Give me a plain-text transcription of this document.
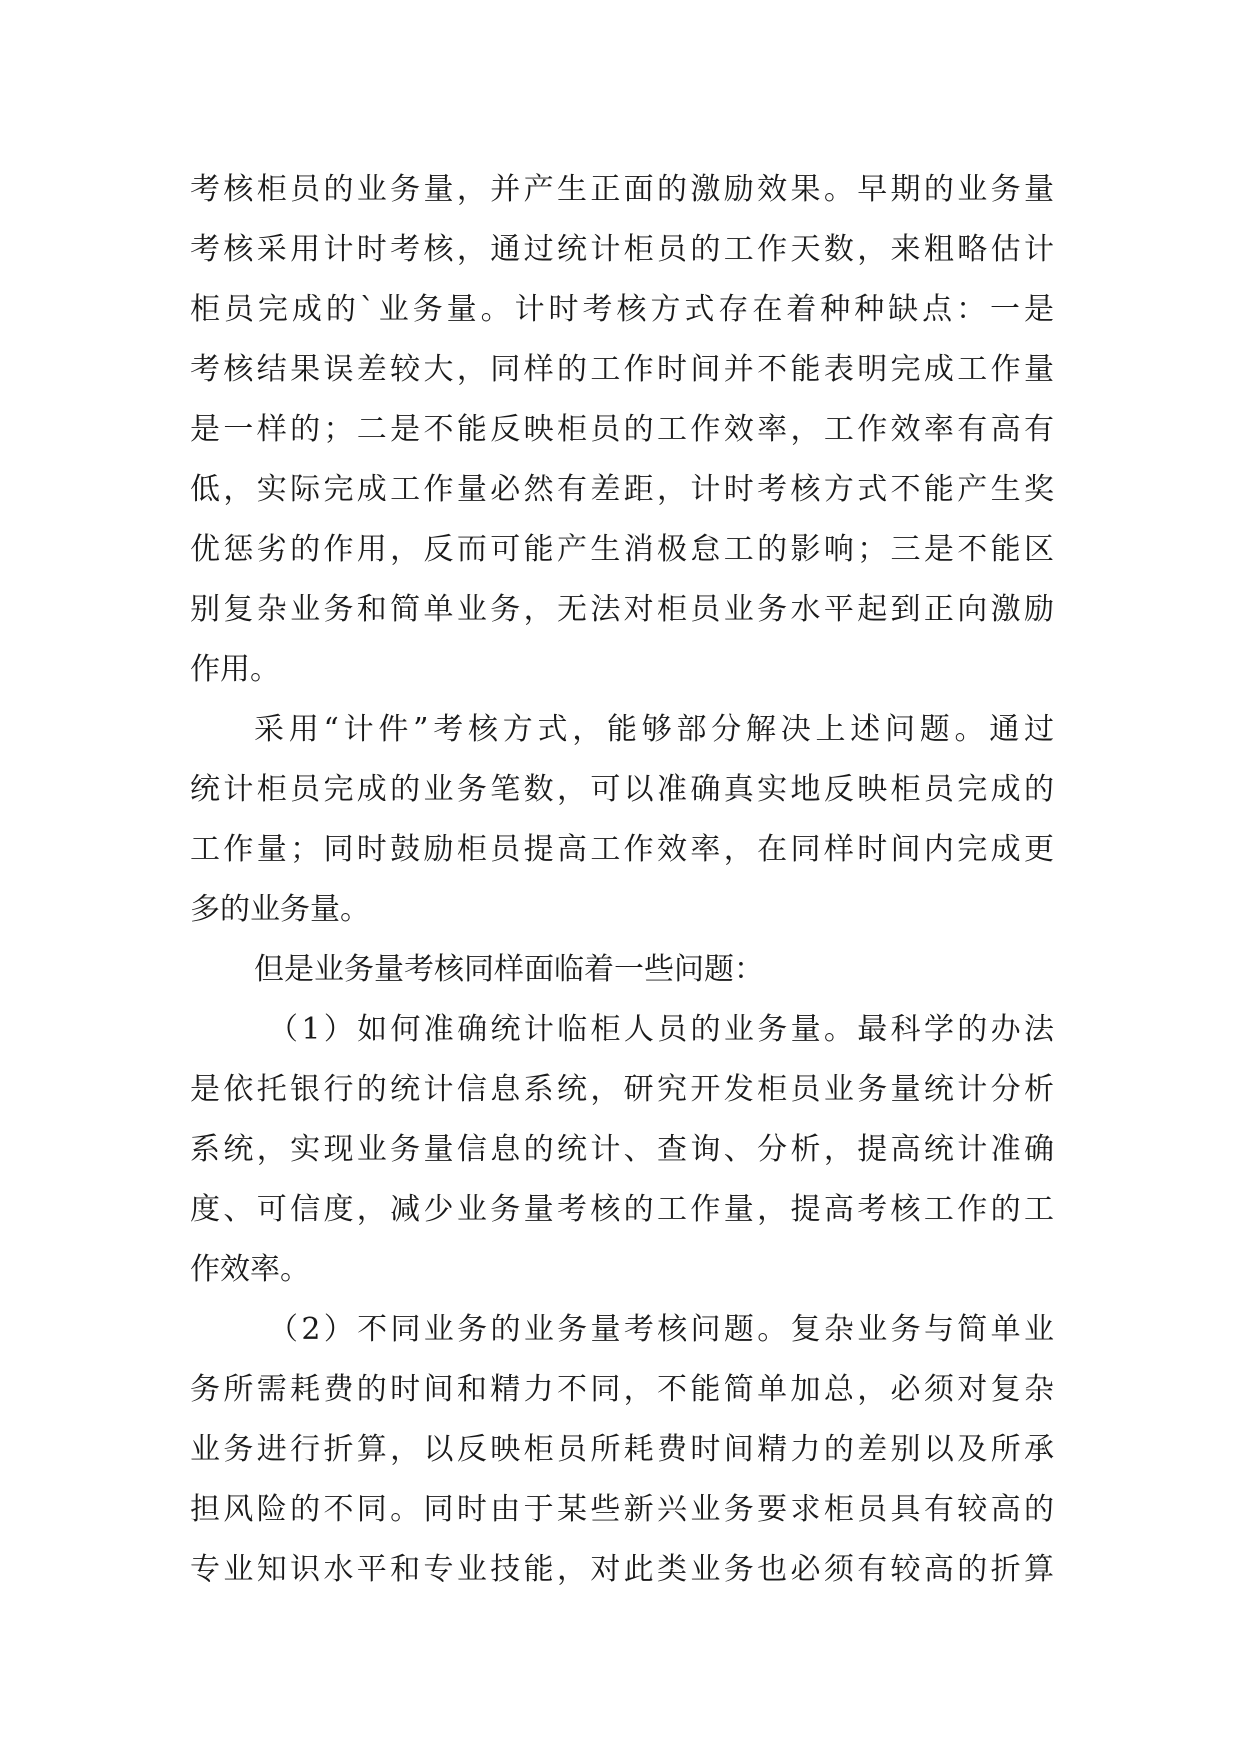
考核柜员的业务量，并产生正面的激励效果。早期的业务量
考核采用计时考核，通过统计柜员的工作天数，来粗略估计
柜员完成的`业务量。计时考核方式存在着种种缺点：一是
考核结果误差较大，同样的工作时间并不能表明完成工作量
是一样的；二是不能反映柜员的工作效率，工作效率有高有
低，实际完成工作量必然有差距，计时考核方式不能产生奖
优惩劣的作用，反而可能产生消极怠工的影响；三是不能区
别复杂业务和简单业务，无法对柜员业务水平起到正向激励
作用。
采用“计件”考核方式，能够部分解决上述问题。通过
统计柜员完成的业务笔数，可以准确真实地反映柜员完成的
工作量；同时鼓励柜员提高工作效率，在同样时间内完成更
多的业务量。
但是业务量考核同样面临着一些问题：
（1）如何准确统计临柜人员的业务量。最科学的办法
是依托银行的统计信息系统，研究开发柜员业务量统计分析
系统，实现业务量信息的统计、查询、分析，提高统计准确
度、可信度，减少业务量考核的工作量，提高考核工作的工
作效率。
（2）不同业务的业务量考核问题。复杂业务与简单业
务所需耗费的时间和精力不同，不能简单加总，必须对复杂
业务进行折算，以反映柜员所耗费时间精力的差别以及所承
担风险的不同。同时由于某些新兴业务要求柜员具有较高的
专业知识水平和专业技能，对此类业务也必须有较高的折算
